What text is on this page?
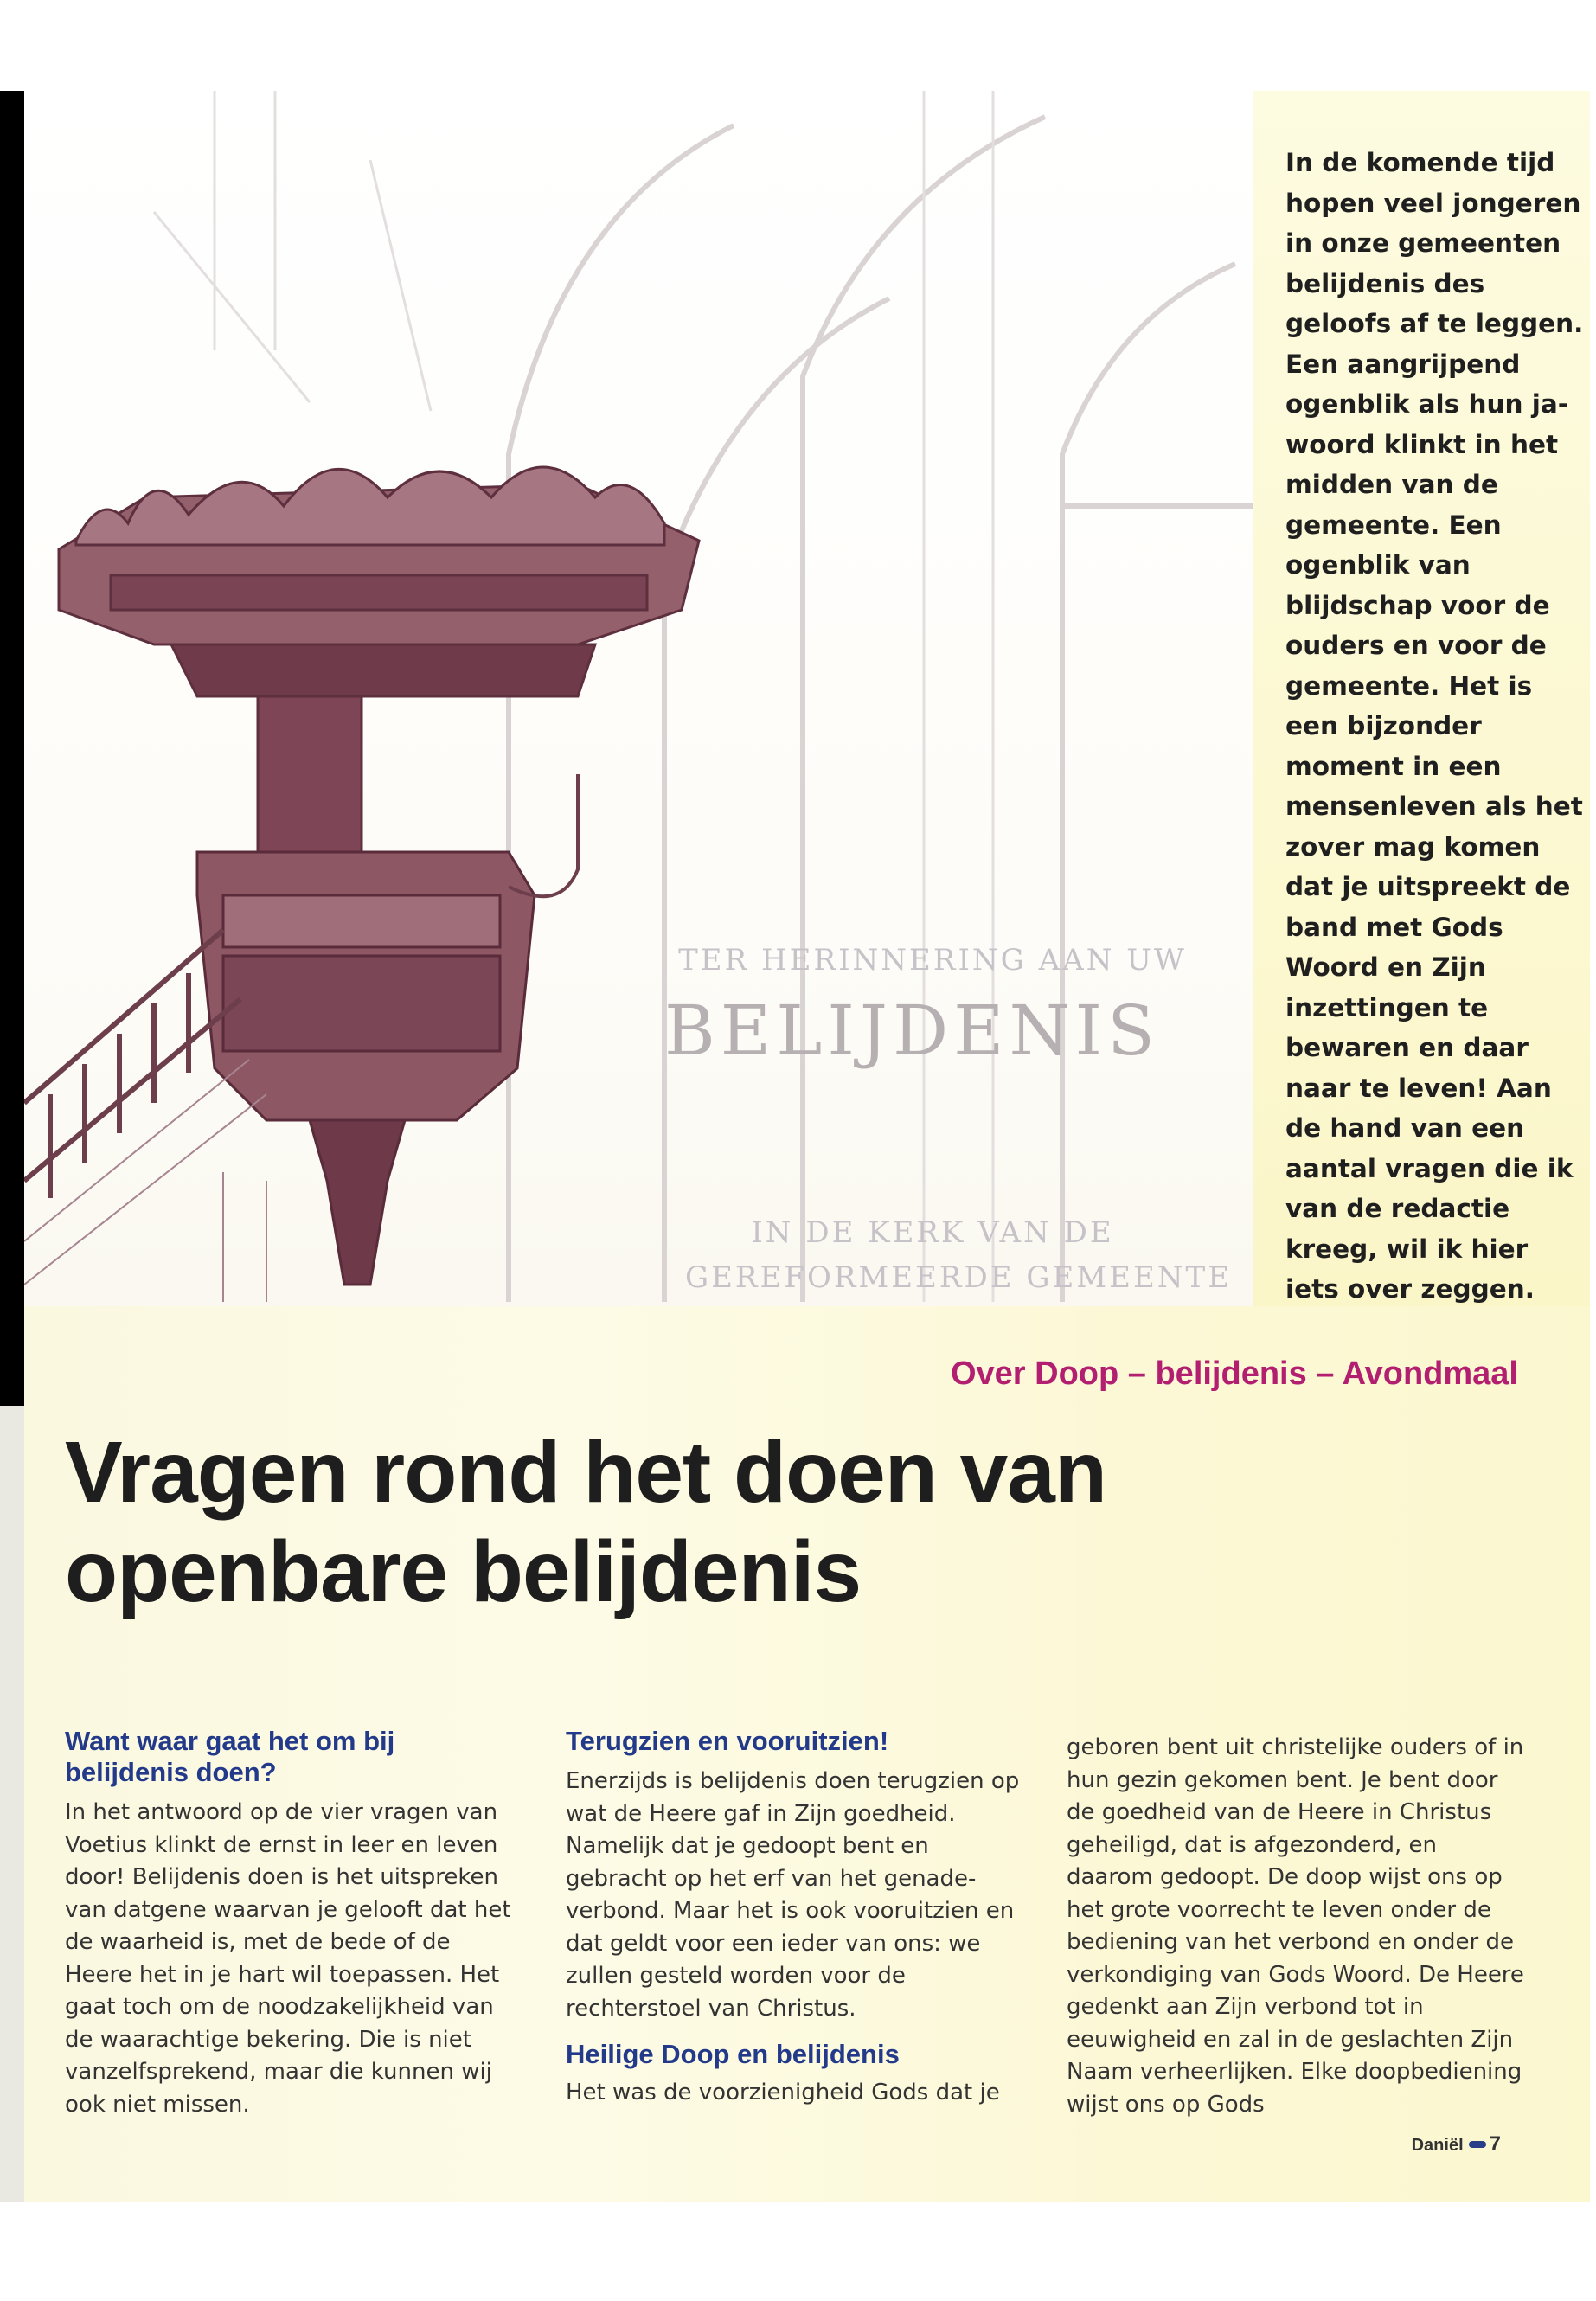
TER HERINNERING AAN UW
BELIJDENIS
IN DE KERK VAN DE
GEREFORMEERDE GEMEENTE

In de komende tijd hopen veel jongeren in onze gemeenten belijdenis des geloofs af te leggen. Een aangrijpend ogenblik als hun ja-woord klinkt in het midden van de gemeente. Een ogenblik van blijdschap voor de ouders en voor de gemeente. Het is een bijzonder moment in een mensenleven als het zover mag komen dat je uitspreekt de band met Gods Woord en Zijn inzettingen te bewaren en daar naar te leven! Aan de hand van een aantal vragen die ik van de redactie kreeg, wil ik hier iets over zeggen.

Over Doop – belijdenis – Avondmaal
Vragen rond het doen van openbare belijdenis
Want waar gaat het om bij belijdenis doen?

In het antwoord op de vier vragen van Voetius klinkt de ernst in leer en leven door! Belijdenis doen is het uitspreken van datgene waarvan je gelooft dat het de waarheid is, met de bede of de Heere het in je hart wil toepassen. Het gaat toch om de noodzakelijkheid van de waarachtige bekering. Die is niet vanzelfsprekend, maar die kunnen wij ook niet missen.

Terugzien en vooruitzien!

Enerzijds is belijdenis doen terugzien op wat de Heere gaf in Zijn goedheid. Namelijk dat je gedoopt bent en gebracht op het erf van het genade-verbond. Maar het is ook vooruitzien en dat geldt voor een ieder van ons: we zullen gesteld worden voor de rechterstoel van Christus.

Heilige Doop en belijdenis

Het was de voorzienigheid Gods dat je

geboren bent uit christelijke ouders of in hun gezin gekomen bent. Je bent door de goedheid van de Heere in Christus geheiligd, dat is afgezonderd, en daarom gedoopt. De doop wijst ons op het grote voorrecht te leven onder de bediening van het verbond en onder de verkondiging van Gods Woord. De Heere gedenkt aan Zijn verbond tot in eeuwigheid en zal in de geslachten Zijn Naam verheerlijken. Elke doopbediening wijst ons op Gods

Daniël 7
